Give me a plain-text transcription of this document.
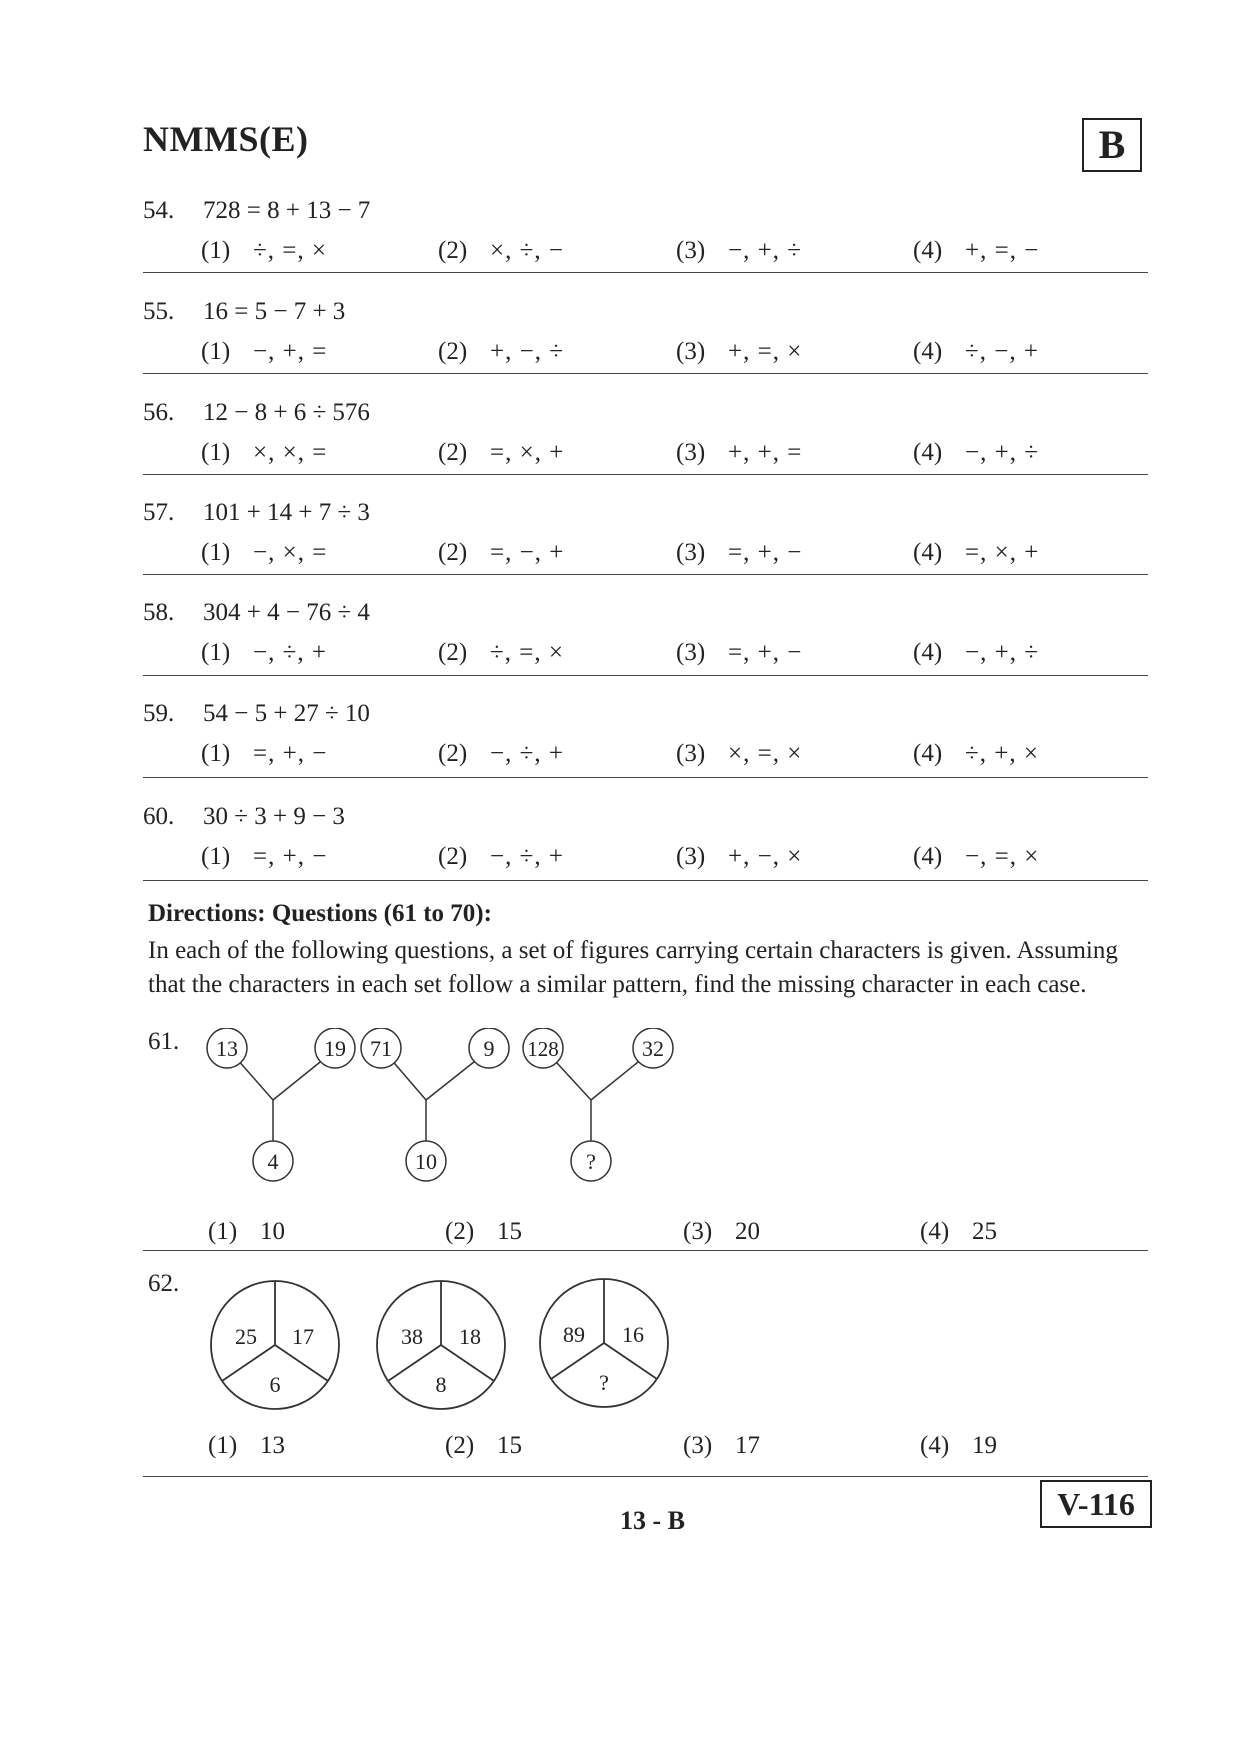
NMMS(E)	B
54. 728 = 8 + 13 − 7
(1) ÷, =, ×	(2) ×, ÷, −	(3) −, +, ÷	(4) +, =, −
55. 16 = 5 − 7 + 3
(1) −, +, =	(2) +, −, ÷	(3) +, =, ×	(4) ÷, −, +
56. 12 − 8 + 6 ÷ 576
(1) ×, ×, =	(2) =, ×, +	(3) +, +, =	(4) −, +, ÷
57. 101 + 14 + 7 ÷ 3
(1) −, ×, =	(2) =, −, +	(3) =, +, −	(4) =, ×, +
58. 304 + 4 − 76 ÷ 4
(1) −, ÷, +	(2) ÷, =, ×	(3) =, +, −	(4) −, +, ÷
59. 54 − 5 + 27 ÷ 10
(1) =, +, −	(2) −, ÷, +	(3) ×, =, ×	(4) ÷, +, ×
60. 30 ÷ 3 + 9 − 3
(1) =, +, −	(2) −, ÷, +	(3) +, −, ×	(4) −, =, ×
Directions: Questions (61 to 70):
In each of the following questions, a set of figures carrying certain characters is given. Assuming that the characters in each set follow a similar pattern, find the missing character in each case.
61. 13	19
4
71	9
10
128	32
?
(1) 10	(2) 15	(3) 20	(4) 25
62.
25 17
6
38 18
8
89 16
?
(1) 13	(2) 15	(3) 17	(4) 19
13 - B	V-116
